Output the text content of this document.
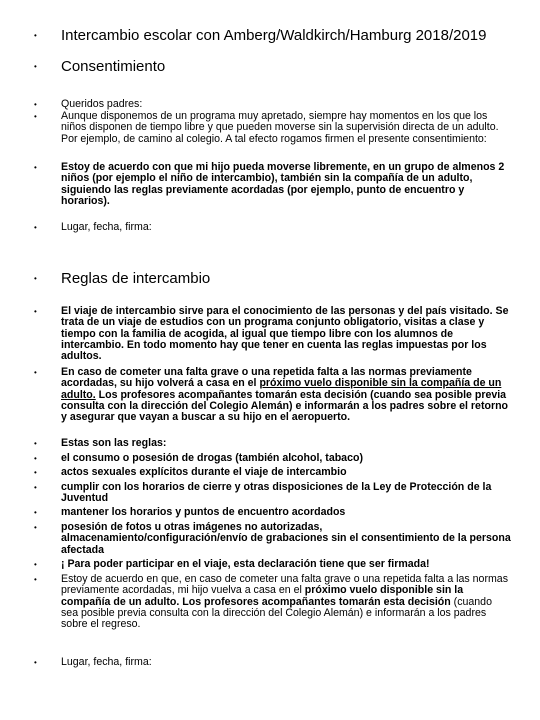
• Intercambio escolar con Amberg/Waldkirch/Hamburg 2018/2019
• Consentimiento
• Queridos padres:
• Aunque disponemos de un programa muy apretado, siempre hay momentos en los que los niños disponen de tiempo libre y que pueden moverse sin la supervisión directa de un adulto. Por ejemplo, de camino al colegio. A tal efecto rogamos firmen el presente consentimiento:
• Estoy de acuerdo con que mi hijo pueda moverse libremente, en un grupo de almenos 2 niños (por ejemplo el niño de intercambio), también sin la compañía de un adulto, siguiendo las reglas previamente acordadas (por ejemplo, punto de encuentro y horarios).
• Lugar, fecha, firma:
• Reglas de intercambio
• El viaje de intercambio sirve para el conocimiento de las personas y del país visitado. Se trata de un viaje de estudios con un programa conjunto obligatorio, visitas a clase y tiempo con la familia de acogida, al igual que tiempo libre con los alumnos de intercambio. En todo momento hay que tener en cuenta las reglas impuestas por los adultos.
• En caso de cometer una falta grave o una repetida falta a las normas previamente acordadas, su hijo volverá a casa en el próximo vuelo disponible sin la compañía de un adulto. Los profesores acompañantes tomarán esta decisión (cuando sea posible previa consulta con la dirección del Colegio Alemán) e informarán a los padres sobre el retorno y asegurar que vayan a buscar a su hijo en el aeropuerto.
• Estas son las reglas:
• el consumo o posesión de drogas (también alcohol, tabaco)
• actos sexuales explícitos durante el viaje de intercambio
• cumplir con los horarios de cierre y otras disposiciones de la Ley de Protección de la Juventud
• mantener los horarios y puntos de encuentro acordados
• posesión de fotos u otras imágenes no autorizadas, almacenamiento/configuración/envío de grabaciones sin el consentimiento de la persona afectada
• ¡ Para poder participar en el viaje, esta declaración tiene que ser firmada!
• Estoy de acuerdo en que, en caso de cometer una falta grave o una repetida falta a las normas previamente acordadas, mi hijo vuelva a casa en el próximo vuelo disponible sin la compañía de un adulto. Los profesores acompañantes tomarán esta decisión (cuando sea posible previa consulta con la dirección del Colegio Alemán) e informarán a los padres sobre el regreso.
• Lugar, fecha, firma:
